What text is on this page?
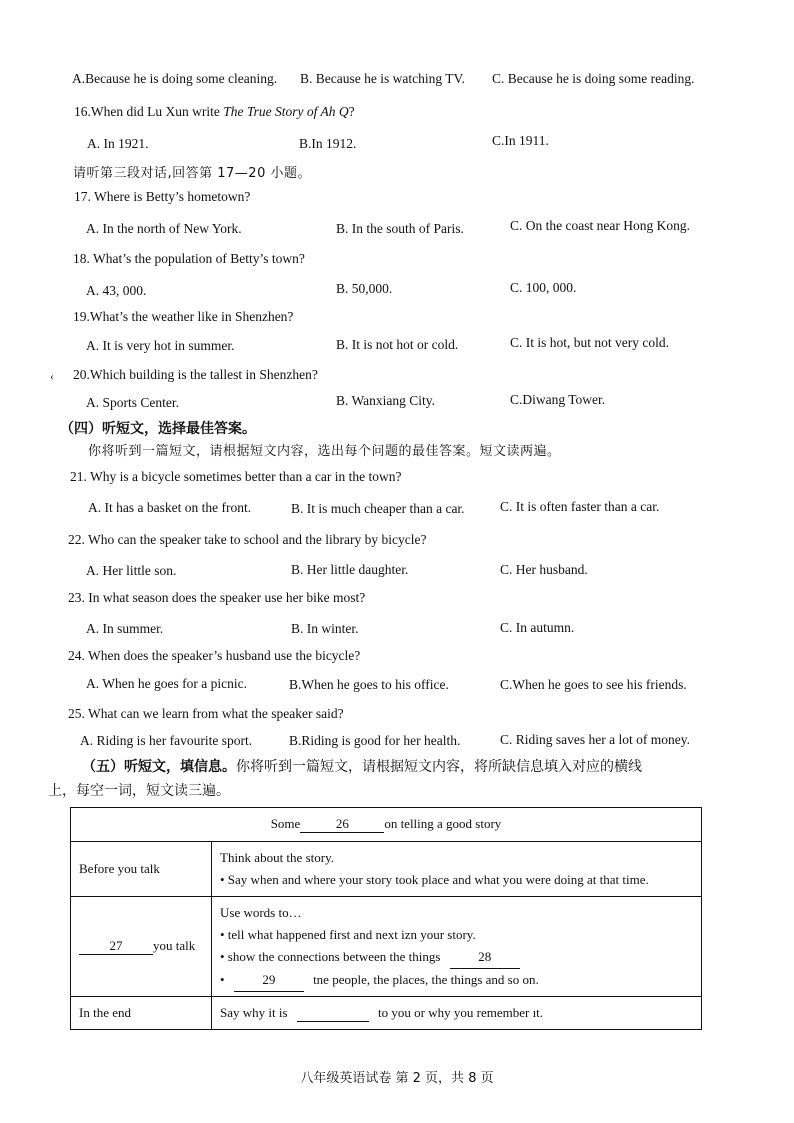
A.Because he is doing some cleaning. B. Because he is watching TV. C. Because he is doing some reading.
16.When did Lu Xun write The True Story of Ah Q?
A. In 1921.	B.In 1912.	C.In 1911.
请听第三段对话,回答第 17—20 小题。
17. Where is Betty’s hometown?
A. In the north of New York.	B. In the south of Paris.	C. On the coast near Hong Kong.
18. What’s the population of Betty’s town?
A. 43, 000.	B. 50,000.	C. 100, 000.
19.What’s the weather like in Shenzhen?
A. It is very hot in summer.	B. It is not hot or cold.	C. It is hot, but not very cold.
‹ 20.Which building is the tallest in Shenzhen?
A. Sports Center.	B. Wanxiang City.	C.Diwang Tower.
（四）听短文，选择最佳答案。
你将听到一篇短文，请根据短文内容，选出每个问题的最佳答案。短文读两遍。
21. Why is a bicycle sometimes better than a car in the town?
A. It has a basket on the front.	B. It is much cheaper than a car.	C. It is often faster than a car.
22. Who can the speaker take to school and the library by bicycle?
A. Her little son.	B. Her little daughter.	C. Her husband.
23. In what season does the speaker use her bike most?
A. In summer.	B. In winter.	C. In autumn.
24. When does the speaker’s husband use the bicycle?
A. When he goes for a picnic.	B.When he goes to his office.	C.When he goes to see his friends.
25. What can we learn from what the speaker said?
A. Riding is her favourite sport.	B.Riding is good for her health.	C. Riding saves her a lot of money.
（五）听短文，填信息。你将听到一篇短文，请根据短文内容，将所缺信息填入对应的横线
上，每空一词，短文读三遍。
Some 26 on telling a good story	
Before you talk	Think about the story.
• Say when and where your story took place and what you were doing at that time.

27 you talk	Use words to…
• tell what happened first and next izn your story.
• show the connections between the things 28
• 29 tne people, the places, the things and so on.

In the end	Say why it is to you or why you remember ıt.
八年级英语试卷 第 2 页，共 8 页
